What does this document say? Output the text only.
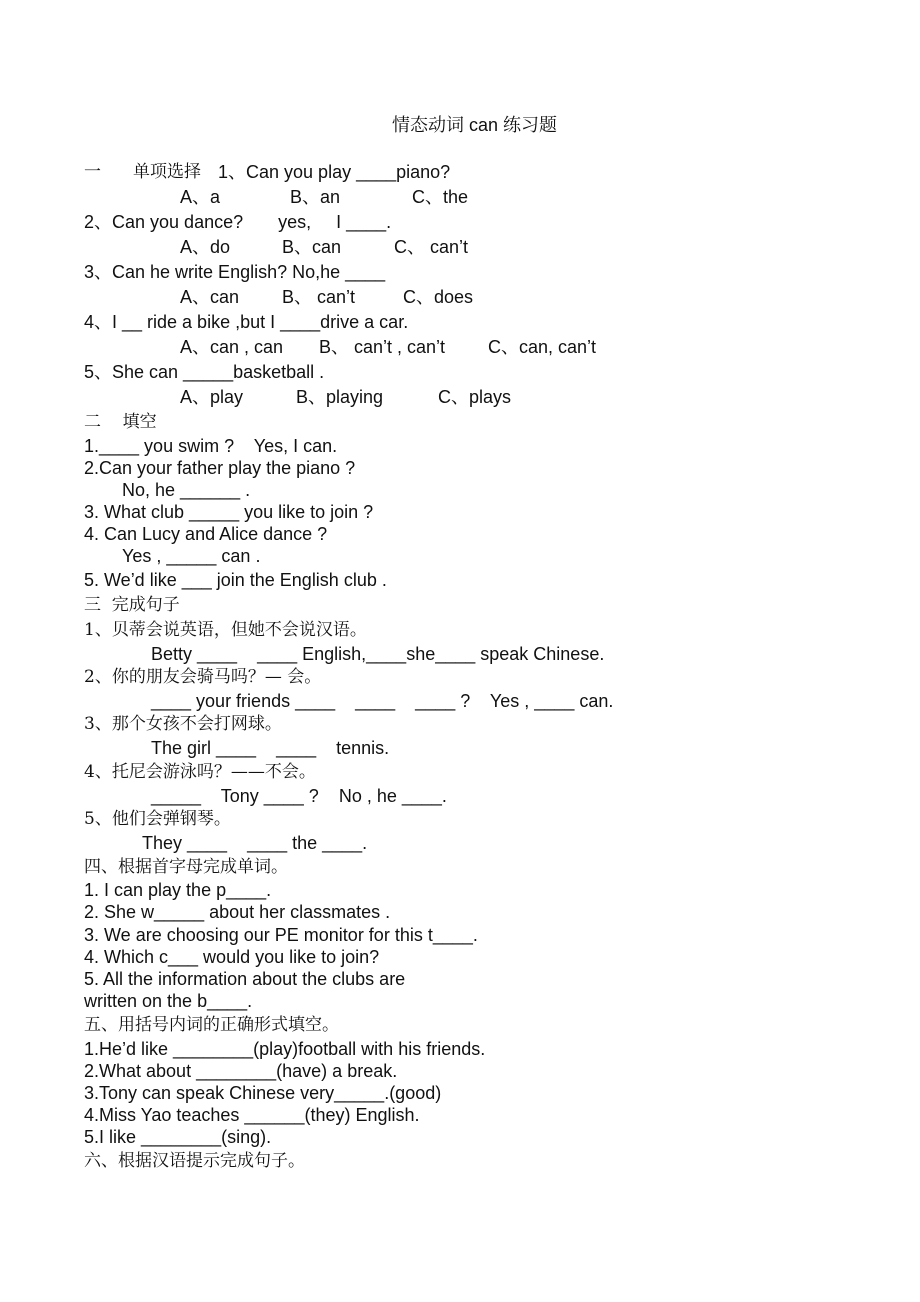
情态动词 can 练习题
一 单项选择 1、Can you play ____piano?
A、a	B、an	C、the
2、Can you dance?       yes,     I ____.
A、do	B、can	C、 can’t
3、Can he write English? No,he ____
A、can B、 can’t	C、does
4、I __ ride a bike ,but I ____drive a car.
A、can , can B、 can’t , can’t C、can, can’t
5、She can _____basketball .
A、play	B、playing	C、plays
二    填空
1.____ you swim ?    Yes, I can.
2.Can your father play the piano ?
No, he ______ .
3. What club _____ you like to join ?
4. Can Lucy and Alice dance ?
Yes , _____ can .
5. We’d like ___ join the English club .
三  完成句子
1、贝蒂会说英语，但她不会说汉语。
Betty ____    ____ English,____she____ speak Chinese.
2、你的朋友会骑马吗？— 会。
____ your friends ____    ____    ____ ?    Yes , ____ can.
3、那个女孩不会打网球。
The girl ____    ____    tennis.
4、托尼会游泳吗？——不会。
_____    Tony ____ ?    No , he ____.
5、他们会弹钢琴。
They ____    ____ the ____.
四、根据首字母完成单词。
1. I can play the p____.
2. She w_____ about her classmates .
3. We are choosing our PE monitor for this t____.
4. Which c___ would you like to join?
5. All the information about the clubs are
written on the b____.
五、用括号内词的正确形式填空。
1.He’d like ________(play)football with his friends.
2.What about ________(have) a break.
3.Tony can speak Chinese very_____.(good)
4.Miss Yao teaches ______(they) English.
5.I like ________(sing).
六、根据汉语提示完成句子。
